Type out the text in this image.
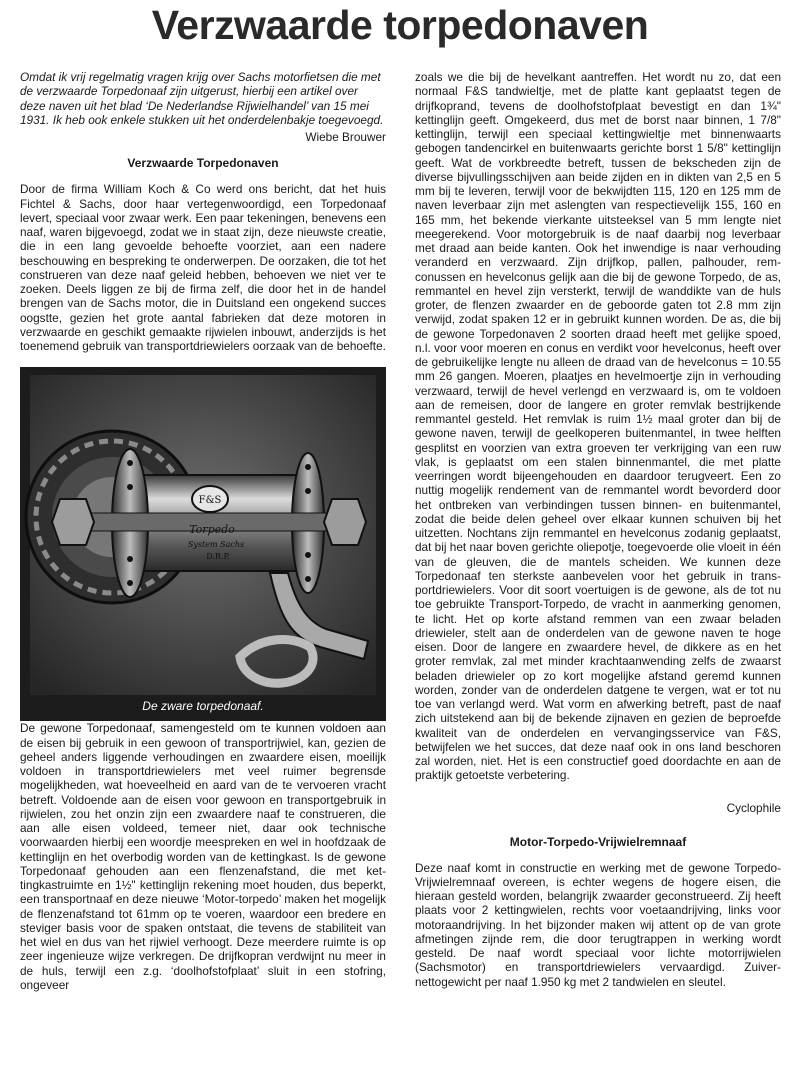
Verzwaarde torpedonaven

Omdat ik vrij regelmatig vragen krijg over Sachs motorfietsen die met de verzwaarde Torpedonaaf zijn uitgerust, hierbij een artikel over deze naven uit het blad ‘De Nederlandse Rijwielhandel’ van 15 mei 1931. Ik heb ook enkele stukken uit het onderdelenbakje toegevoegd.

Wiebe Brouwer

Verzwaarde Torpedonaven

Door de firma William Koch & Co werd ons bericht, dat het huis Fichtel & Sachs, door haar vertegenwoordigd, een Torpedonaaf levert, speciaal voor zwaar werk. Een paar tekeningen, benevens een naaf, waren bijgevoegd, zodat we in staat zijn, deze nieuwste creatie, die in een lang gevoelde behoefte voorziet, aan een nadere beschouwing en bespreking te onderwerpen. De oorzaken, die tot het construeren van deze naaf geleid hebben, behoeven we niet ver te zoeken. Deels liggen ze bij de firma zelf, die door het in de handel brengen van de Sachs motor, die in Duitsland een ongekend succes oogstte, gezien het grote aantal fabrieken dat deze motoren in verzwaarde en geschikt gemaakte rijwielen inbouwt, anderzijds is het toenemend gebruik van transportdriewielers oorzaak van de behoefte.

F&S
Torpedo
System Sachs
D.R.P.
De zware torpedonaaf.

De gewone Torpedonaaf, samengesteld om te kunnen voldoen aan de eisen bij gebruik in een gewoon of transportrijwiel, kan, gezien de geheel anders liggende verhoudingen en zwaardere eisen, moeilijk voldoen in transportdriewielers met veel ruimer begrensde mogelijkheden, wat hoeveelheid en aard van de te vervoeren vracht betreft. Voldoende aan de eisen voor gewoon en transportgebruik in rijwielen, zou het onzin zijn een zwaardere naaf te construeren, die aan alle eisen voldeed, temeer niet, daar ook technische voorwaarden hierbij een woordje meespreken en wel in hoofdzaak de kettinglijn en het overbodig worden van de kettingkast. Is de gewone Torpedonaaf gehouden aan een flenzenafstand, die met kettingkastruimte en 1½" kettinglijn rekening moet houden, dus beperkt, een transportnaaf en deze nieuwe ‘Motor-torpedo’ maken het mogelijk de flenzenafstand tot 61mm op te voeren, waardoor een bredere en steviger basis voor de spaken ontstaat, die tevens de stabiliteit van het wiel en dus van het rijwiel verhoogt. Deze meerdere ruimte is op zeer ingenieuze wijze verkregen. De drijfkopran verdwijnt nu meer in de huls, terwijl een z.g. ‘doolhofstofplaat’ sluit in een stofring, ongeveer

zoals we die bij de hevelkant aantreffen. Het wordt nu zo, dat een normaal F&S tandwieltje, met de platte kant geplaatst tegen de drijfkoprand, tevens de doolhofstofplaat bevestigt en dan 1¾" kettinglijn geeft. Omgekeerd, dus met de borst naar binnen, 1 7/8" kettinglijn, terwijl een speciaal kettingwieltje met binnenwaarts gebogen tandencirkel en buitenwaarts gerichte borst 1 5/8" kettinglijn geeft. Wat de vorkbreedte betreft, tussen de bekscheden zijn de diverse bijvullingsschijven aan beide zijden en in dikten van 2,5 en 5 mm bij te leveren, terwijl voor de bekwijdten 115, 120 en 125 mm de naven leverbaar zijn met aslengten van respectievelijk 155, 160 en 165 mm, het bekende vierkante uitsteeksel van 5 mm lengte niet meegerekend. Voor motorgebruik is de naaf daarbij nog leverbaar met draad aan beide kanten. Ook het inwendige is naar verhouding veranderd en verzwaard. Zijn drijfkop, pallen, palhouder, remconussen en hevelconus gelijk aan die bij de gewone Torpedo, de as, remmantel en hevel zijn versterkt, terwijl de wanddikte van de huls groter, de flenzen zwaarder en de geboorde gaten tot 2.8 mm zijn verwijd, zodat spaken 12 er in gebruikt kunnen worden. De as, die bij de gewone Torpedonaven 2 soorten draad heeft met gelijke spoed, n.l. voor voor moeren en conus en verdikt voor hevelconus, heeft over de gebruikelijke lengte nu alleen de draad van de hevelconus = 10.55 mm 26 gangen. Moeren, plaatjes en hevelmoertje zijn in verhouding verzwaard, terwijl de hevel verlengd en verzwaard is, om te voldoen aan de remeisen, door de langere en groter remvlak bestrijkende remmantel gesteld. Het remvlak is ruim 1½ maal groter dan bij de gewone naven, terwijl de geelkoperen buitenmantel, in twee helften gesplitst en voorzien van extra groeven ter verkrijging van een ruw vlak, is geplaatst om een stalen binnenmantel, die met platte veerringen wordt bijeengehouden en daardoor terugveert. Een zo nuttig mogelijk rendement van de remmantel wordt bevorderd door het ontbreken van verbindingen tussen binnen- en buitenmantel, zodat die beide delen geheel over elkaar kunnen schuiven bij het uitzetten. Nochtans zijn remmantel en hevelconus zodanig geplaatst, dat bij het naar boven gerichte oliepotje, toegevoerde olie vloeit in één van de gleuven, die de mantels scheiden. We kunnen deze Torpedonaaf ten sterkste aanbevelen voor het gebruik in transportdriewielers. Voor dit soort voertuigen is de gewone, als de tot nu toe gebruikte Transport-Torpedo, de vracht in aanmerking genomen, te licht. Het op korte afstand remmen van een zwaar beladen driewieler, stelt aan de onderdelen van de gewone naven te hoge eisen. Door de langere en zwaardere hevel, de dikkere as en het groter remvlak, zal met minder krachtaanwending zelfs de zwaarst beladen driewieler op zo kort mogelijke afstand geremd kunnen worden, zonder van de onderdelen datgene te vergen, wat er tot nu toe van verlangd werd. Wat vorm en afwerking betreft, past de naaf zich uitstekend aan bij de bekende zijnaven en gezien de beproefde kwaliteit van de onderdelen en vervangingsservice van F&S, betwijfelen we het succes, dat deze naaf ook in ons land beschoren zal worden, niet. Het is een constructief goed doordachte en aan de praktijk getoetste verbetering.

Cyclophile

Motor-Torpedo-Vrijwielremnaaf

Deze naaf komt in constructie en werking met de gewone Torpedo-Vrijwielremnaaf overeen, is echter wegens de hogere eisen, die hieraan gesteld worden, belangrijk zwaarder geconstrueerd. Zij heeft plaats voor 2 kettingwielen, rechts voor voetaandrijving, links voor motoraandrijving. In het bijzonder maken wij attent op de van grote afmetingen zijnde rem, die door terugtrappen in werking wordt gesteld. De naaf wordt speciaal voor lichte motorrijwielen (Sachsmotor) en transportdriewielers vervaardigd. Zuiver-nettogewicht per naaf 1.950 kg met 2 tandwielen en sleutel.
